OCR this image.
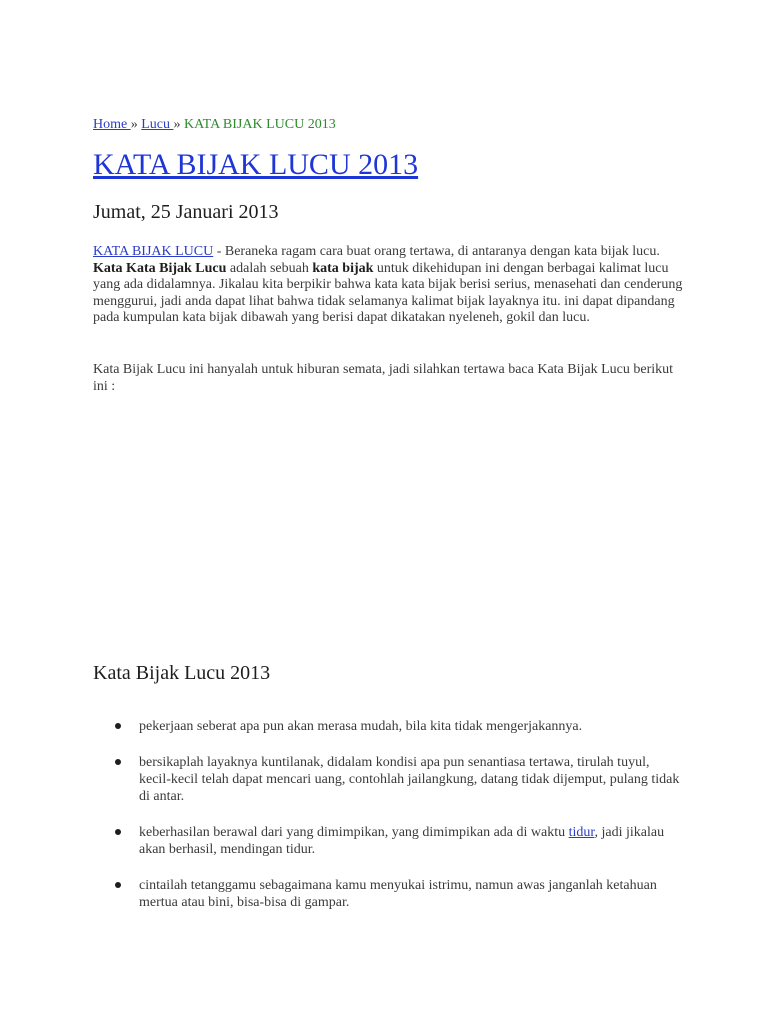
Home » Lucu » KATA BIJAK LUCU 2013
KATA BIJAK LUCU 2013
Jumat, 25 Januari 2013

KATA BIJAK LUCU - Beraneka ragam cara buat orang tertawa, di antaranya dengan kata bijak lucu. Kata Kata Bijak Lucu adalah sebuah kata bijak untuk dikehidupan ini dengan berbagai kalimat lucu yang ada didalamnya. Jikalau kita berpikir bahwa kata kata bijak berisi serius, menasehati dan cenderung menggurui, jadi anda dapat lihat bahwa tidak selamanya kalimat bijak layaknya itu. ini dapat dipandang pada kumpulan kata bijak dibawah yang berisi dapat dikatakan nyeleneh, gokil dan lucu.

Kata Bijak Lucu ini hanyalah untuk hiburan semata, jadi silahkan tertawa baca Kata Bijak Lucu berikut ini :

Kata Bijak Lucu 2013
pekerjaan seberat apa pun akan merasa mudah, bila kita tidak mengerjakannya.
bersikaplah layaknya kuntilanak, didalam kondisi apa pun senantiasa tertawa, tirulah tuyul, kecil-kecil telah dapat mencari uang, contohlah jailangkung, datang tidak dijemput, pulang tidak di antar.
keberhasilan berawal dari yang dimimpikan, yang dimimpikan ada di waktu tidur, jadi jikalau akan berhasil, mendingan tidur.
cintailah tetanggamu sebagaimana kamu menyukai istrimu, namun awas janganlah ketahuan mertua atau bini, bisa-bisa di gampar.
